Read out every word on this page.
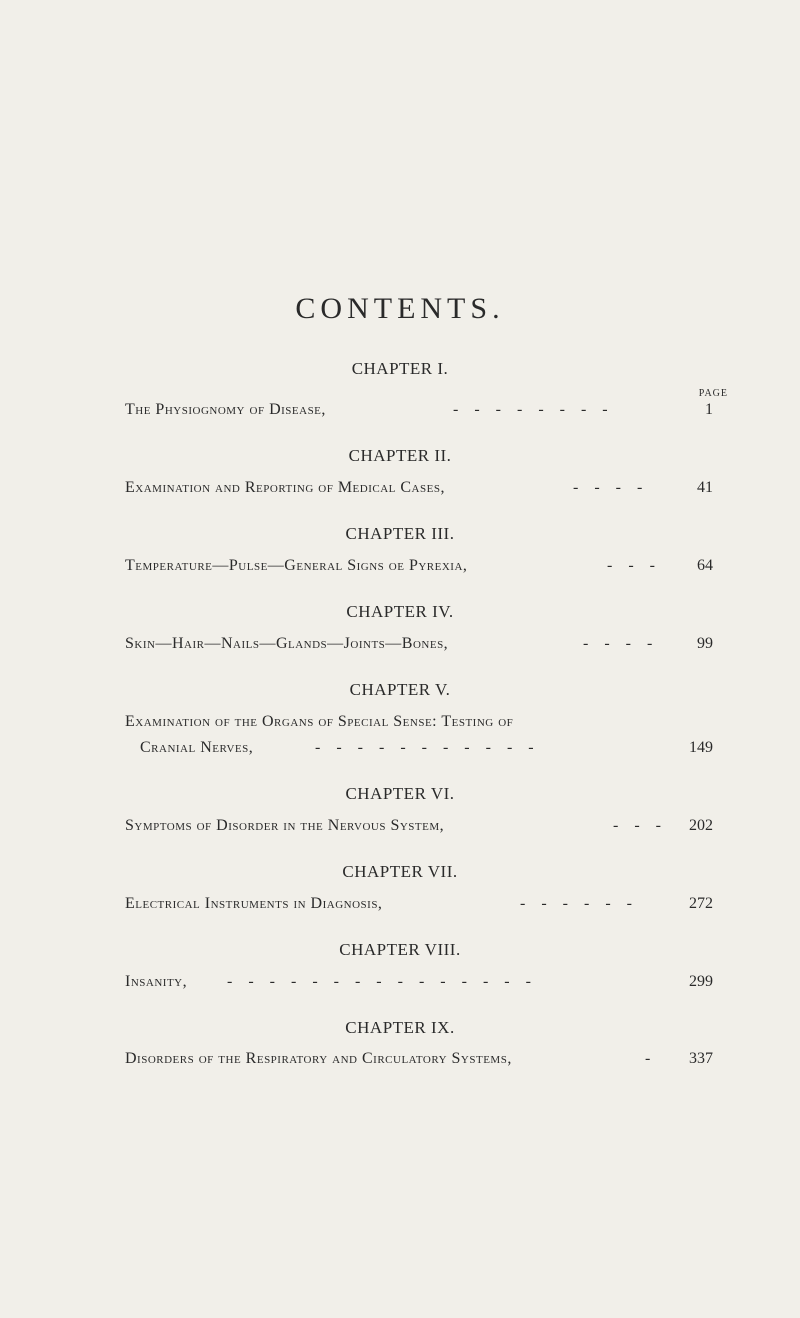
CONTENTS.
CHAPTER I.
PAGE
The Physiognomy of Disease,	- - - - - - - -	1
CHAPTER II.
Examination and Reporting of Medical Cases,	- - - -	41
CHAPTER III.
Temperature—Pulse—General Signs oe Pyrexia,	- - -	64
CHAPTER IV.
Skin—Hair—Nails—Glands—Joints—Bones,	- - - -	99
CHAPTER V.
Examination of the Organs of Special Sense: Testing of
Cranial Nerves,	- - - - - - - - - - -	149
CHAPTER VI.
Symptoms of Disorder in the Nervous System,	- - -	202
CHAPTER VII.
Electrical Instruments in Diagnosis,	- - - - - -	272
CHAPTER VIII.
Insanity, - - - - - - - - - - - - - - -	299
CHAPTER IX.
Disorders of the Respiratory and Circulatory Systems,	-	337
